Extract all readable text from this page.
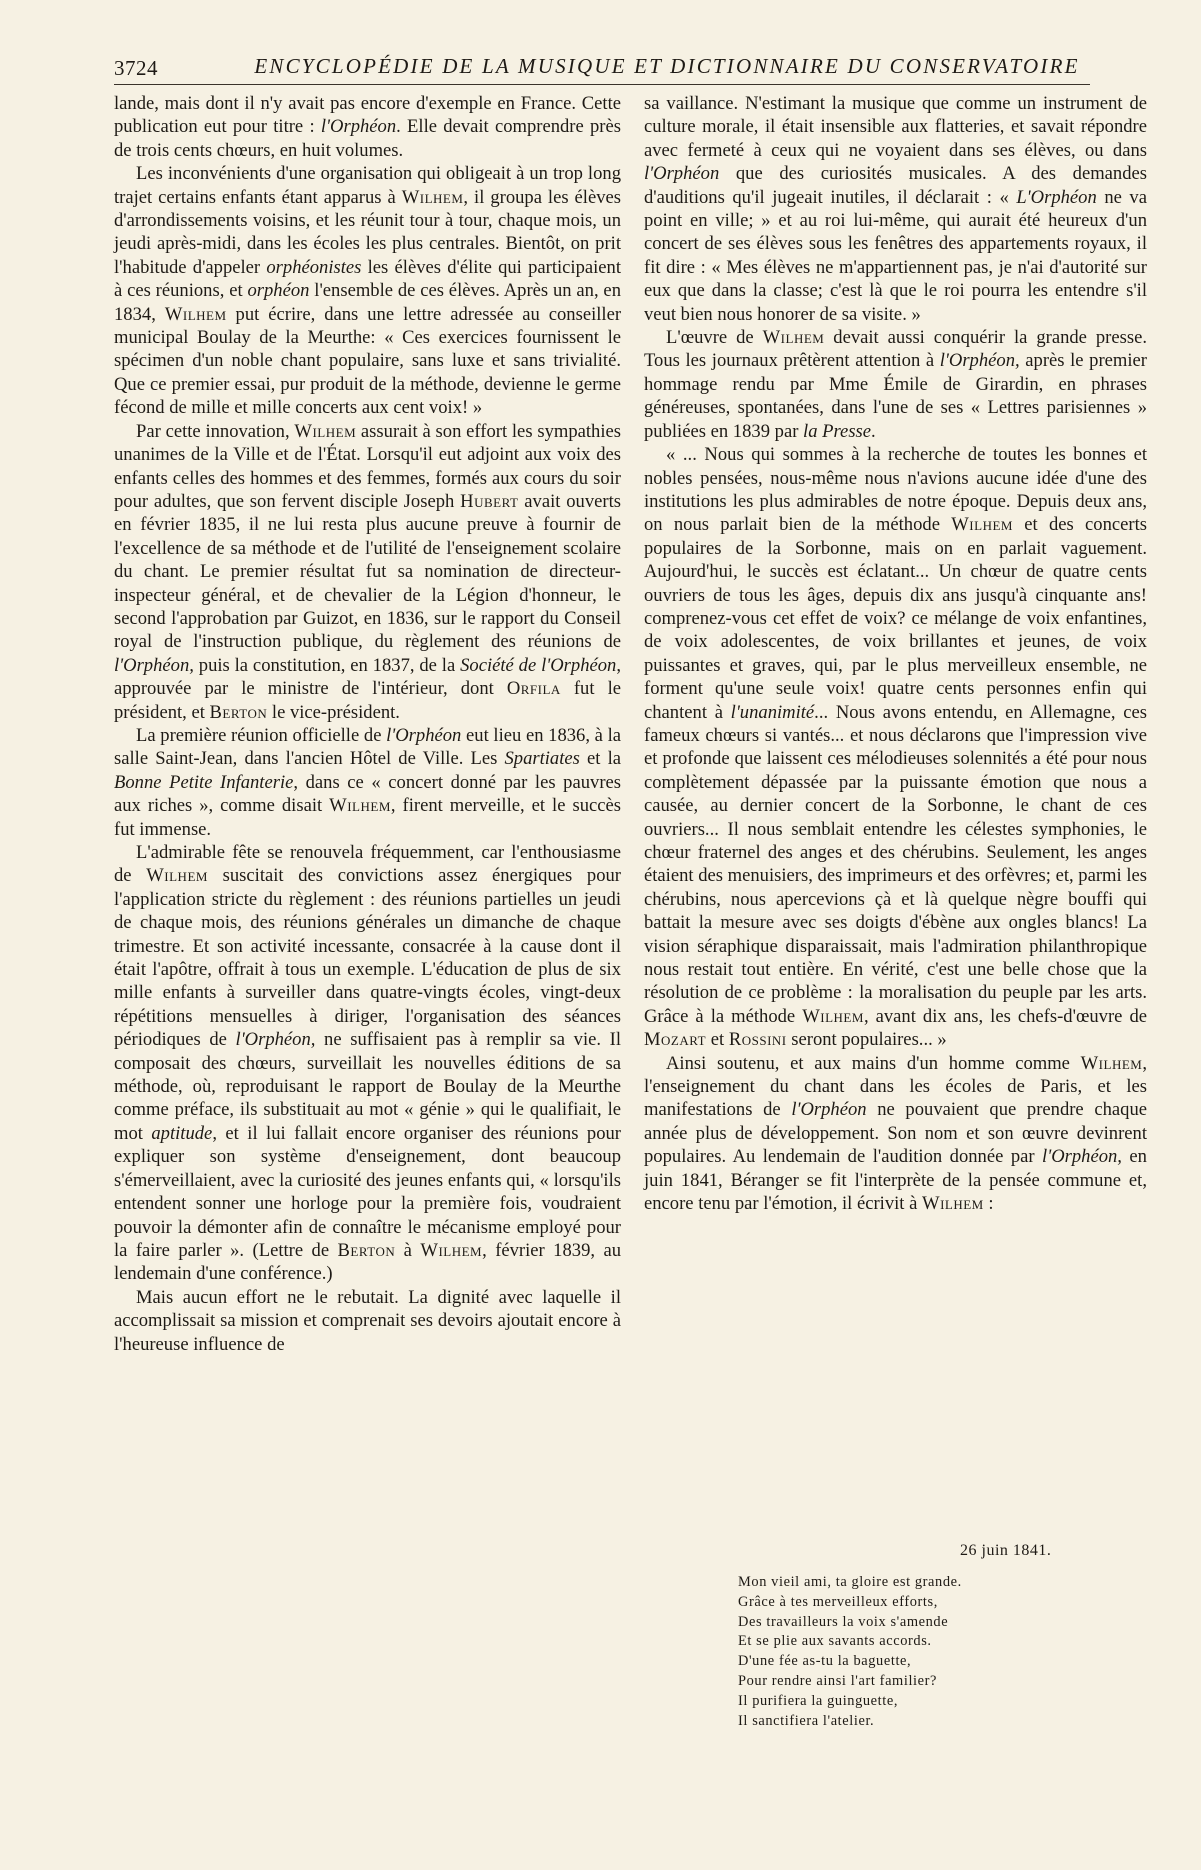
3724	ENCYCLOPÉDIE DE LA MUSIQUE ET DICTIONNAIRE DU CONSERVATOIRE

lande, mais dont il n'y avait pas encore d'exemple en France. Cette publication eut pour titre : l'Orphéon. Elle devait comprendre près de trois cents chœurs, en huit volumes.

Les inconvénients d'une organisation qui obligeait à un trop long trajet certains enfants étant apparus à Wilhem, il groupa les élèves d'arrondissements voisins, et les réunit tour à tour, chaque mois, un jeudi après-midi, dans les écoles les plus centrales. Bientôt, on prit l'habitude d'appeler orphéonistes les élèves d'élite qui participaient à ces réunions, et orphéon l'ensemble de ces élèves. Après un an, en 1834, Wilhem put écrire, dans une lettre adressée au conseiller municipal Boulay de la Meurthe: « Ces exercices fournissent le spécimen d'un noble chant populaire, sans luxe et sans trivialité. Que ce premier essai, pur produit de la méthode, devienne le germe fécond de mille et mille concerts aux cent voix! »

Par cette innovation, Wilhem assurait à son effort les sympathies unanimes de la Ville et de l'État. Lorsqu'il eut adjoint aux voix des enfants celles des hommes et des femmes, formés aux cours du soir pour adultes, que son fervent disciple Joseph Hubert avait ouverts en février 1835, il ne lui resta plus aucune preuve à fournir de l'excellence de sa méthode et de l'utilité de l'enseignement scolaire du chant. Le premier résultat fut sa nomination de directeur-inspecteur général, et de chevalier de la Légion d'honneur, le second l'approbation par Guizot, en 1836, sur le rapport du Conseil royal de l'instruction publique, du règlement des réunions de l'Orphéon, puis la constitution, en 1837, de la Société de l'Orphéon, approuvée par le ministre de l'intérieur, dont Orfila fut le président, et Berton le vice-président.

La première réunion officielle de l'Orphéon eut lieu en 1836, à la salle Saint-Jean, dans l'ancien Hôtel de Ville. Les Spartiates et la Bonne Petite Infanterie, dans ce « concert donné par les pauvres aux riches », comme disait Wilhem, firent merveille, et le succès fut immense.

L'admirable fête se renouvela fréquemment, car l'enthousiasme de Wilhem suscitait des convictions assez énergiques pour l'application stricte du règlement : des réunions partielles un jeudi de chaque mois, des réunions générales un dimanche de chaque trimestre. Et son activité incessante, consacrée à la cause dont il était l'apôtre, offrait à tous un exemple. L'éducation de plus de six mille enfants à surveiller dans quatre-vingts écoles, vingt-deux répétitions mensuelles à diriger, l'organisation des séances périodiques de l'Orphéon, ne suffisaient pas à remplir sa vie. Il composait des chœurs, surveillait les nouvelles éditions de sa méthode, où, reproduisant le rapport de Boulay de la Meurthe comme préface, ils substituait au mot « génie » qui le qualifiait, le mot aptitude, et il lui fallait encore organiser des réunions pour expliquer son système d'enseignement, dont beaucoup s'émerveillaient, avec la curiosité des jeunes enfants qui, « lorsqu'ils entendent sonner une horloge pour la première fois, voudraient pouvoir la démonter afin de connaître le mécanisme employé pour la faire parler ». (Lettre de Berton à Wilhem, février 1839, au lendemain d'une conférence.)

Mais aucun effort ne le rebutait. La dignité avec laquelle il accomplissait sa mission et comprenait ses devoirs ajoutait encore à l'heureuse influence de

sa vaillance. N'estimant la musique que comme un instrument de culture morale, il était insensible aux flatteries, et savait répondre avec fermeté à ceux qui ne voyaient dans ses élèves, ou dans l'Orphéon que des curiosités musicales. A des demandes d'auditions qu'il jugeait inutiles, il déclarait : « L'Orphéon ne va point en ville; » et au roi lui-même, qui aurait été heureux d'un concert de ses élèves sous les fenêtres des appartements royaux, il fit dire : « Mes élèves ne m'appartiennent pas, je n'ai d'autorité sur eux que dans la classe; c'est là que le roi pourra les entendre s'il veut bien nous honorer de sa visite. »

L'œuvre de Wilhem devait aussi conquérir la grande presse. Tous les journaux prêtèrent attention à l'Orphéon, après le premier hommage rendu par Mme Émile de Girardin, en phrases généreuses, spontanées, dans l'une de ses « Lettres parisiennes » publiées en 1839 par la Presse.

« ... Nous qui sommes à la recherche de toutes les bonnes et nobles pensées, nous-même nous n'avions aucune idée d'une des institutions les plus admirables de notre époque. Depuis deux ans, on nous parlait bien de la méthode Wilhem et des concerts populaires de la Sorbonne, mais on en parlait vaguement. Aujourd'hui, le succès est éclatant... Un chœur de quatre cents ouvriers de tous les âges, depuis dix ans jusqu'à cinquante ans! comprenez-vous cet effet de voix? ce mélange de voix enfantines, de voix adolescentes, de voix brillantes et jeunes, de voix puissantes et graves, qui, par le plus merveilleux ensemble, ne forment qu'une seule voix! quatre cents personnes enfin qui chantent à l'unanimité... Nous avons entendu, en Allemagne, ces fameux chœurs si vantés... et nous déclarons que l'impression vive et profonde que laissent ces mélodieuses solennités a été pour nous complètement dépassée par la puissante émotion que nous a causée, au dernier concert de la Sorbonne, le chant de ces ouvriers... Il nous semblait entendre les célestes symphonies, le chœur fraternel des anges et des chérubins. Seulement, les anges étaient des menuisiers, des imprimeurs et des orfèvres; et, parmi les chérubins, nous apercevions çà et là quelque nègre bouffi qui battait la mesure avec ses doigts d'ébène aux ongles blancs! La vision séraphique disparaissait, mais l'admiration philanthropique nous restait tout entière. En vérité, c'est une belle chose que la résolution de ce problème : la moralisation du peuple par les arts. Grâce à la méthode Wilhem, avant dix ans, les chefs-d'œuvre de Mozart et Rossini seront populaires... »

Ainsi soutenu, et aux mains d'un homme comme Wilhem, l'enseignement du chant dans les écoles de Paris, et les manifestations de l'Orphéon ne pouvaient que prendre chaque année plus de développement. Son nom et son œuvre devinrent populaires. Au lendemain de l'audition donnée par l'Orphéon, en juin 1841, Béranger se fit l'interprète de la pensée commune et, encore tenu par l'émotion, il écrivit à Wilhem :

26 juin 1841.
Mon vieil ami, ta gloire est grande.
Grâce à tes merveilleux efforts,
Des travailleurs la voix s'amende
Et se plie aux savants accords.
D'une fée as-tu la baguette,
Pour rendre ainsi l'art familier?
Il purifiera la guinguette,
Il sanctifiera l'atelier.
